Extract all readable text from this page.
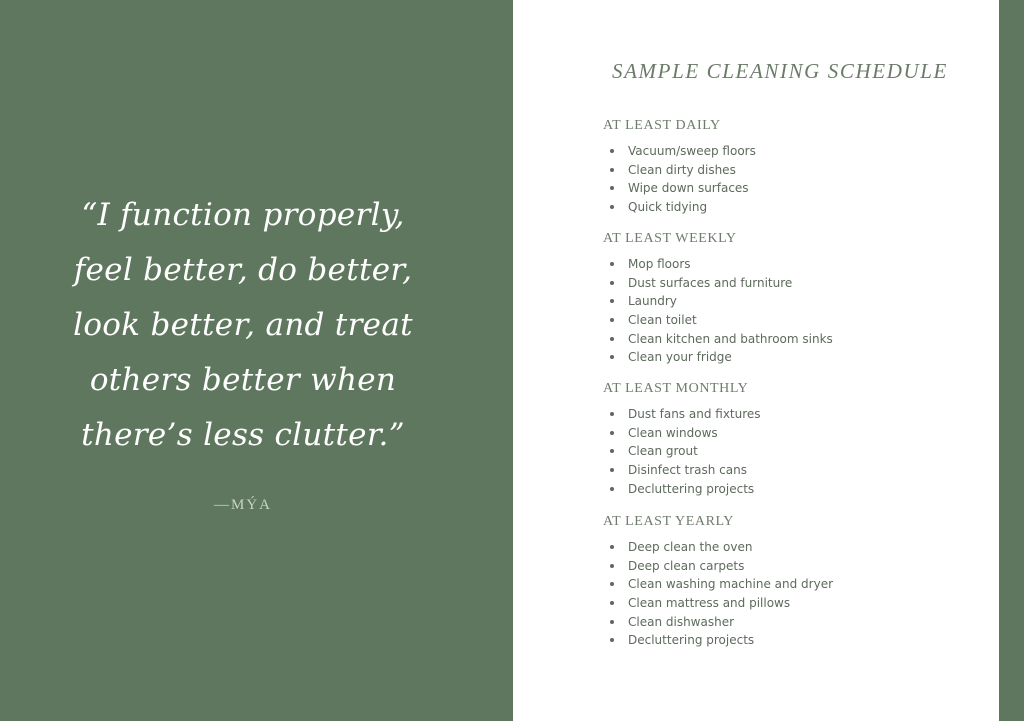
“I function properly,
feel better, do better,
look better, and treat
others better when
there’s less clutter.”

—MÝA
SAMPLE CLEANING SCHEDULE
AT LEAST DAILY
Vacuum/sweep floors
Clean dirty dishes
Wipe down surfaces
Quick tidying
AT LEAST WEEKLY
Mop floors
Dust surfaces and furniture
Laundry
Clean toilet
Clean kitchen and bathroom sinks
Clean your fridge
AT LEAST MONTHLY
Dust fans and fixtures
Clean windows
Clean grout
Disinfect trash cans
Decluttering projects
AT LEAST YEARLY
Deep clean the oven
Deep clean carpets
Clean washing machine and dryer
Clean mattress and pillows
Clean dishwasher
Decluttering projects
